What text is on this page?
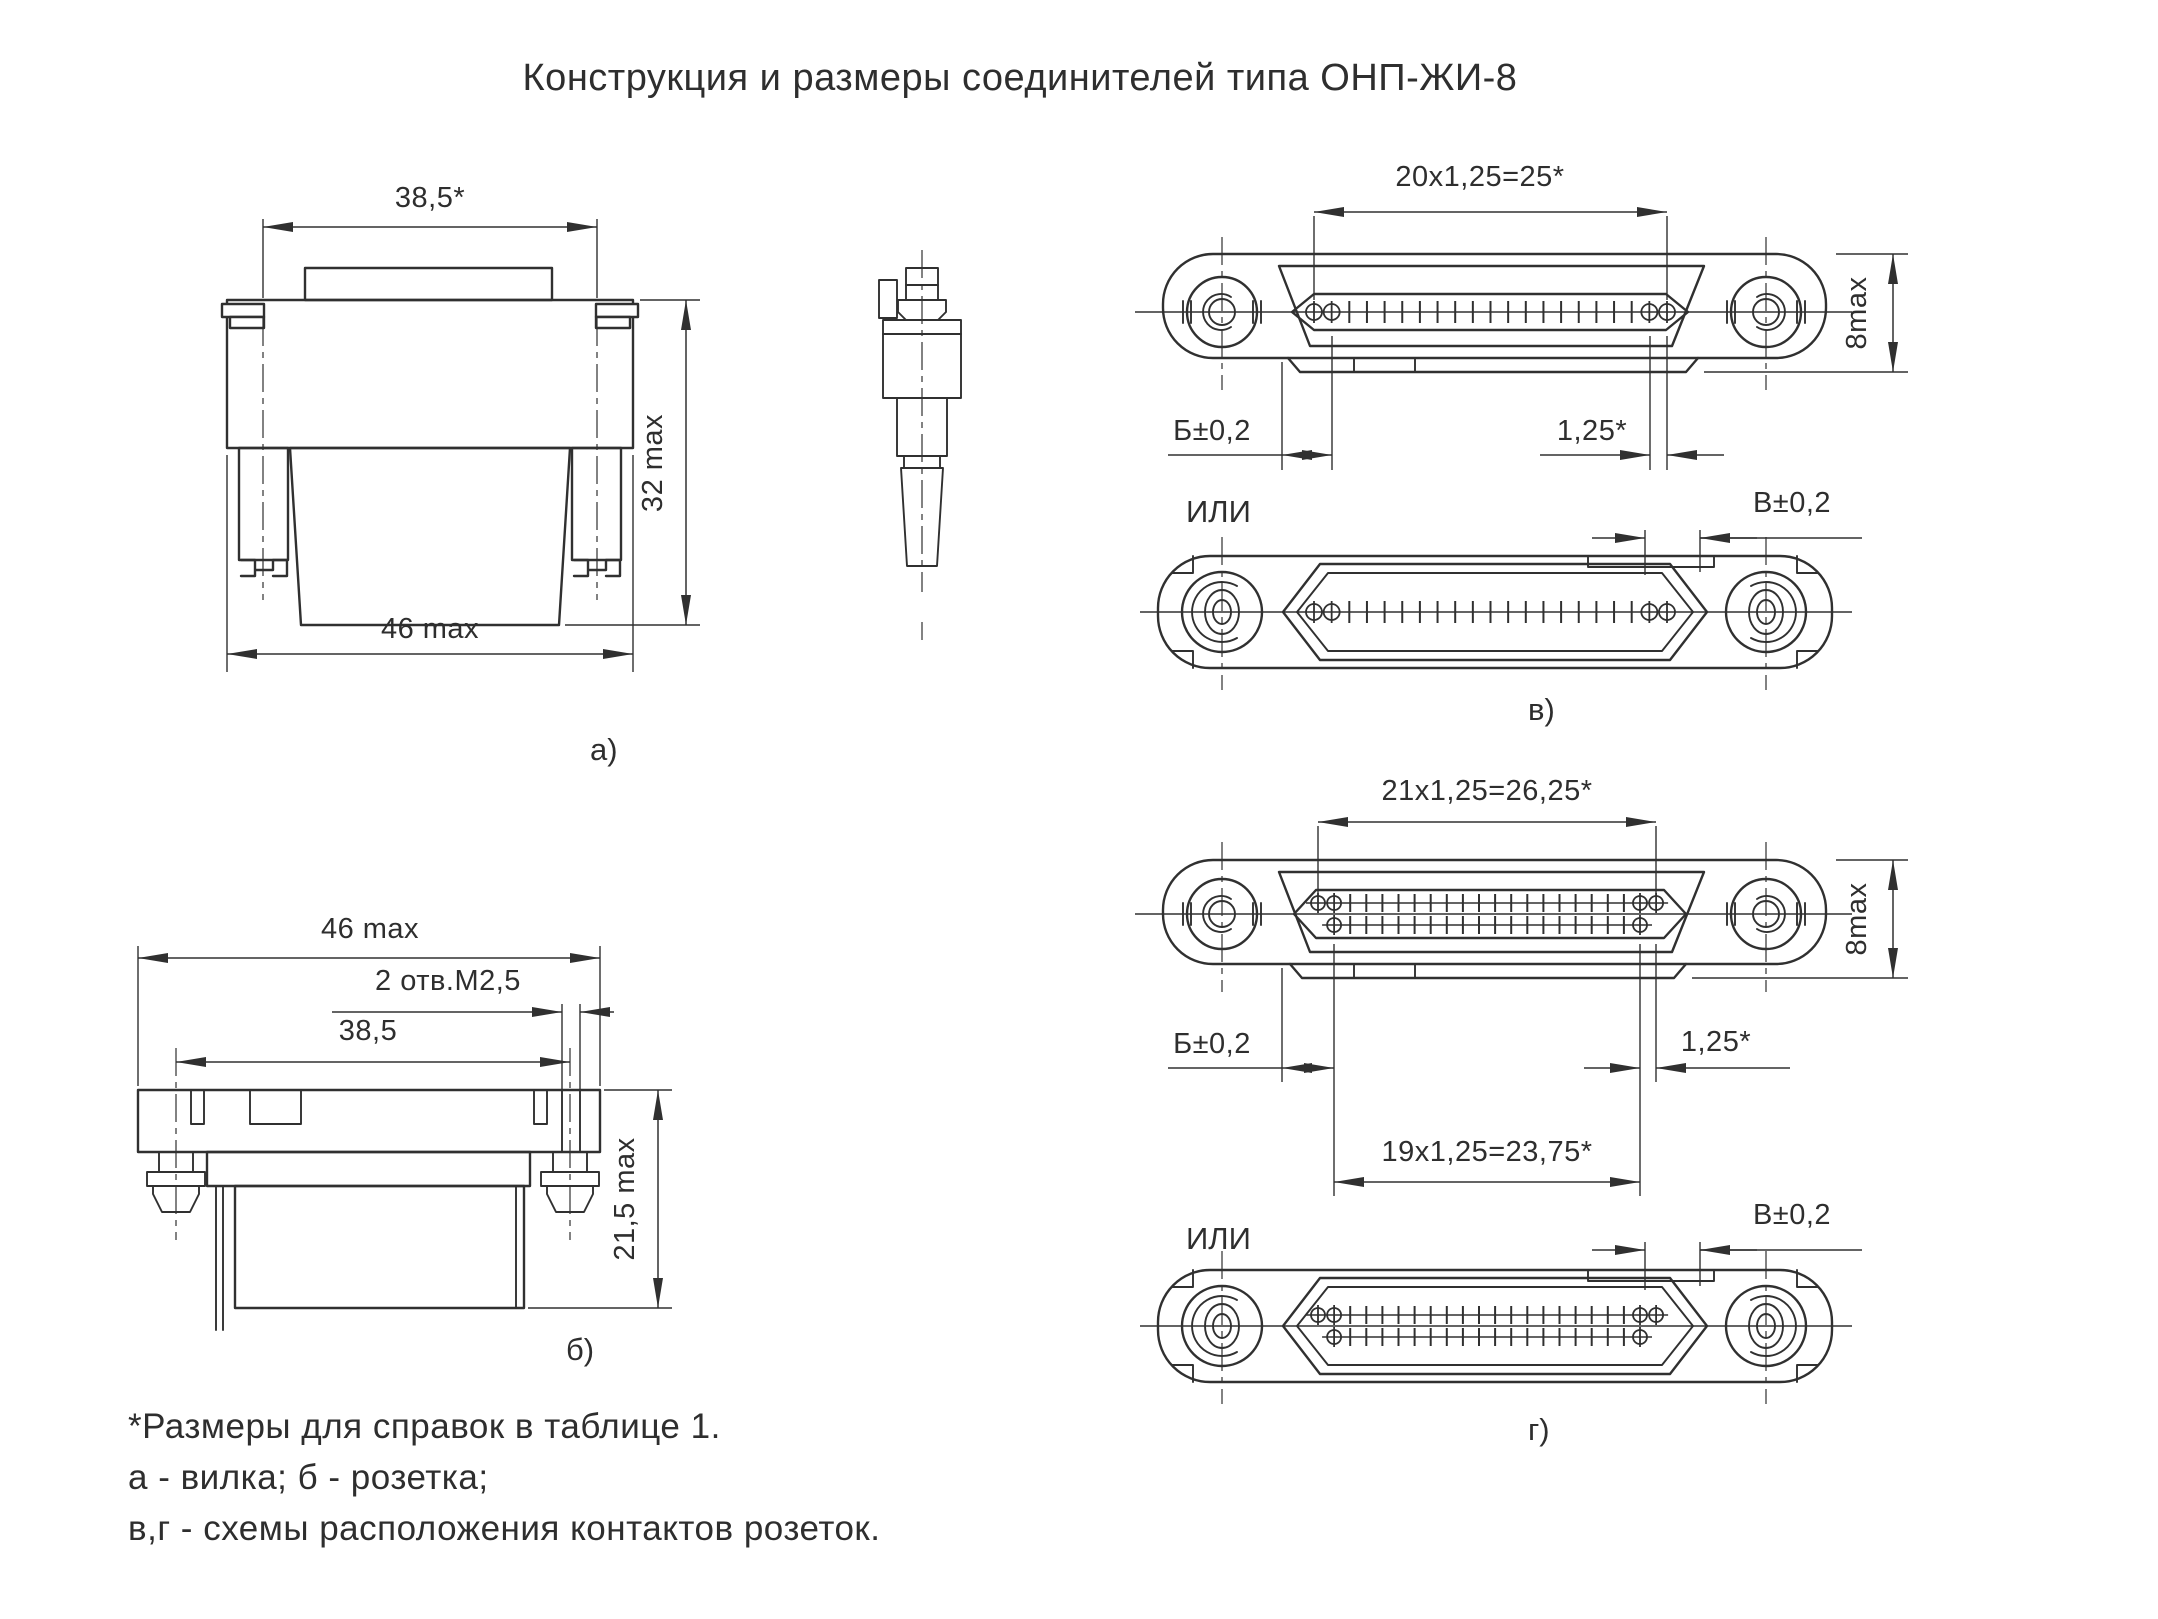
Конструкция и размеры соединителей типа ОНП-ЖИ-8
38,5*
32 max
46 max
а)
46 max
2 отв.М2,5
38,5
21,5 max
б)
20x1,25=25*
8max
Б±0,2	1,25*
ИЛИ	В±0,2
в)
21x1,25=26,25*
8max
Б±0,2	1,25*
19x1,25=23,75*
ИЛИ
В±0,2
г)
*Размеры для справок в таблице 1.
а - вилка; б - розетка;
в,г - схемы расположения контактов розеток.
